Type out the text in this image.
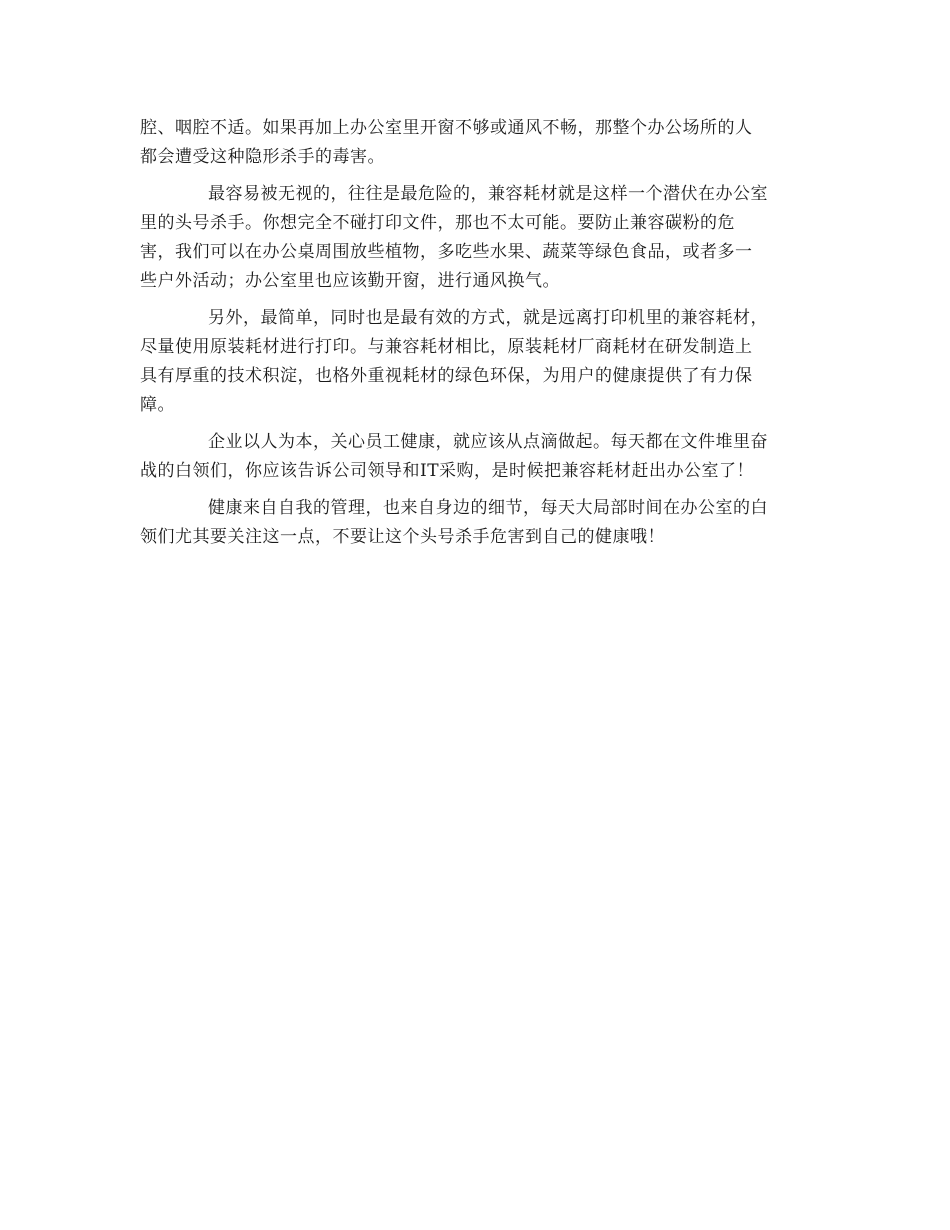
腔、咽腔不适。如果再加上办公室里开窗不够或通风不畅，那整个办公场所的人
都会遭受这种隐形杀手的毒害。

最容易被无视的，往往是最危险的，兼容耗材就是这样一个潜伏在办公室
里的头号杀手。你想完全不碰打印文件，那也不太可能。要防止兼容碳粉的危
害，我们可以在办公桌周围放些植物，多吃些水果、蔬菜等绿色食品，或者多一
些户外活动；办公室里也应该勤开窗，进行通风换气。

另外，最简单，同时也是最有效的方式，就是远离打印机里的兼容耗材，
尽量使用原装耗材进行打印。与兼容耗材相比，原装耗材厂商耗材在研发制造上
具有厚重的技术积淀，也格外重视耗材的绿色环保，为用户的健康提供了有力保
障。

企业以人为本，关心员工健康，就应该从点滴做起。每天都在文件堆里奋
战的白领们，你应该告诉公司领导和IT采购，是时候把兼容耗材赶出办公室了！

健康来自自我的管理，也来自身边的细节，每天大局部时间在办公室的白
领们尤其要关注这一点，不要让这个头号杀手危害到自己的健康哦！
